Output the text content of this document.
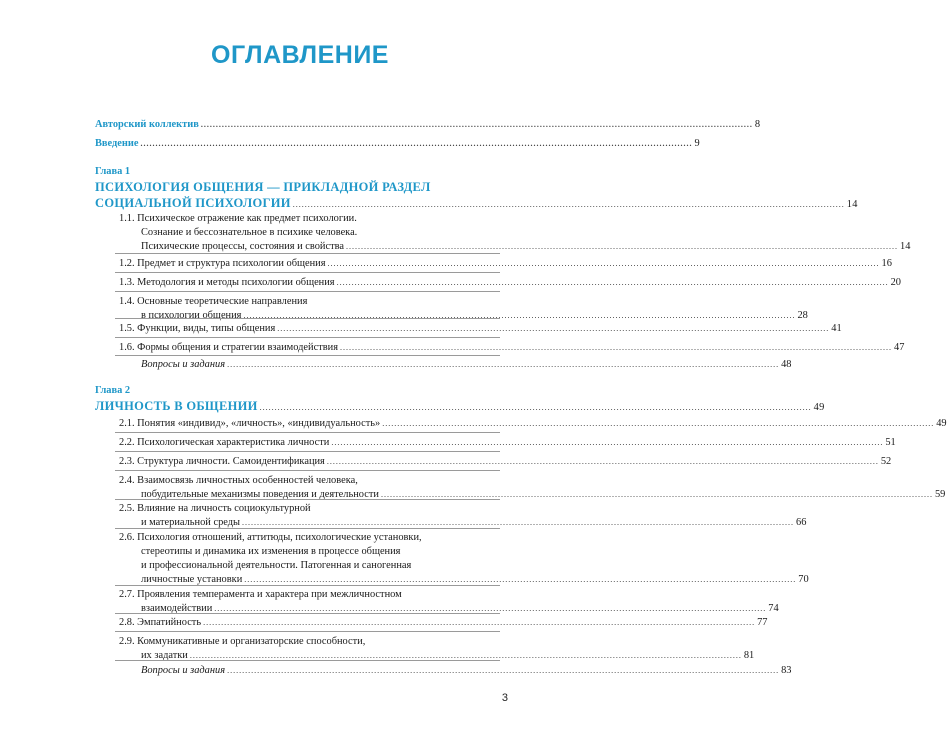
ОГЛАВЛЕНИЕ
Авторский коллектив ........................................................................................................................................................................................ 8
Введение ........................................................................................................................................................................................ 9
Глава 1
ПСИХОЛОГИЯ ОБЩЕНИЯ — ПРИКЛАДНОЙ РАЗДЕЛ
СОЦИАЛЬНОЙ ПСИХОЛОГИИ ........................................................................................................................................................................................ 14
1.1. Психическое отражение как предмет психологии.
Сознание и бессознательное в психике человека.
Психические процессы, состояния и свойства ........................................................................................................................................................................................ 14
1.2. Предмет и структура психологии общения ........................................................................................................................................................................................ 16
1.3. Методология и методы психологии общения ........................................................................................................................................................................................ 20
1.4. Основные теоретические направления
в психологии общения ........................................................................................................................................................................................ 28
1.5. Функции, виды, типы общения ........................................................................................................................................................................................ 41
1.6. Формы общения и стратегии взаимодействия ........................................................................................................................................................................................ 47
Вопросы и задания ........................................................................................................................................................................................ 48
Глава 2
ЛИЧНОСТЬ В ОБЩЕНИИ ........................................................................................................................................................................................ 49
2.1. Понятия «индивид», «личность», «индивидуальность» ........................................................................................................................................................................................ 49
2.2. Психологическая характеристика личности ........................................................................................................................................................................................ 51
2.3. Структура личности. Самоидентификация ........................................................................................................................................................................................ 52
2.4. Взаимосвязь личностных особенностей человека,
побудительные механизмы поведения и деятельности ........................................................................................................................................................................................ 59
2.5. Влияние на личность социокультурной
и материальной среды ........................................................................................................................................................................................ 66
2.6. Психология отношений, аттитюды, психологические установки,
стереотипы и динамика их изменения в процессе общения
и профессиональной деятельности. Патогенная и саногенная
личностные установки ........................................................................................................................................................................................ 70
2.7. Проявления темперамента и характера при межличностном
взаимодействии ........................................................................................................................................................................................ 74
2.8. Эмпатийность ........................................................................................................................................................................................ 77
2.9. Коммуникативные и организаторские способности,
их задатки ........................................................................................................................................................................................ 81
Вопросы и задания ........................................................................................................................................................................................ 83
3
